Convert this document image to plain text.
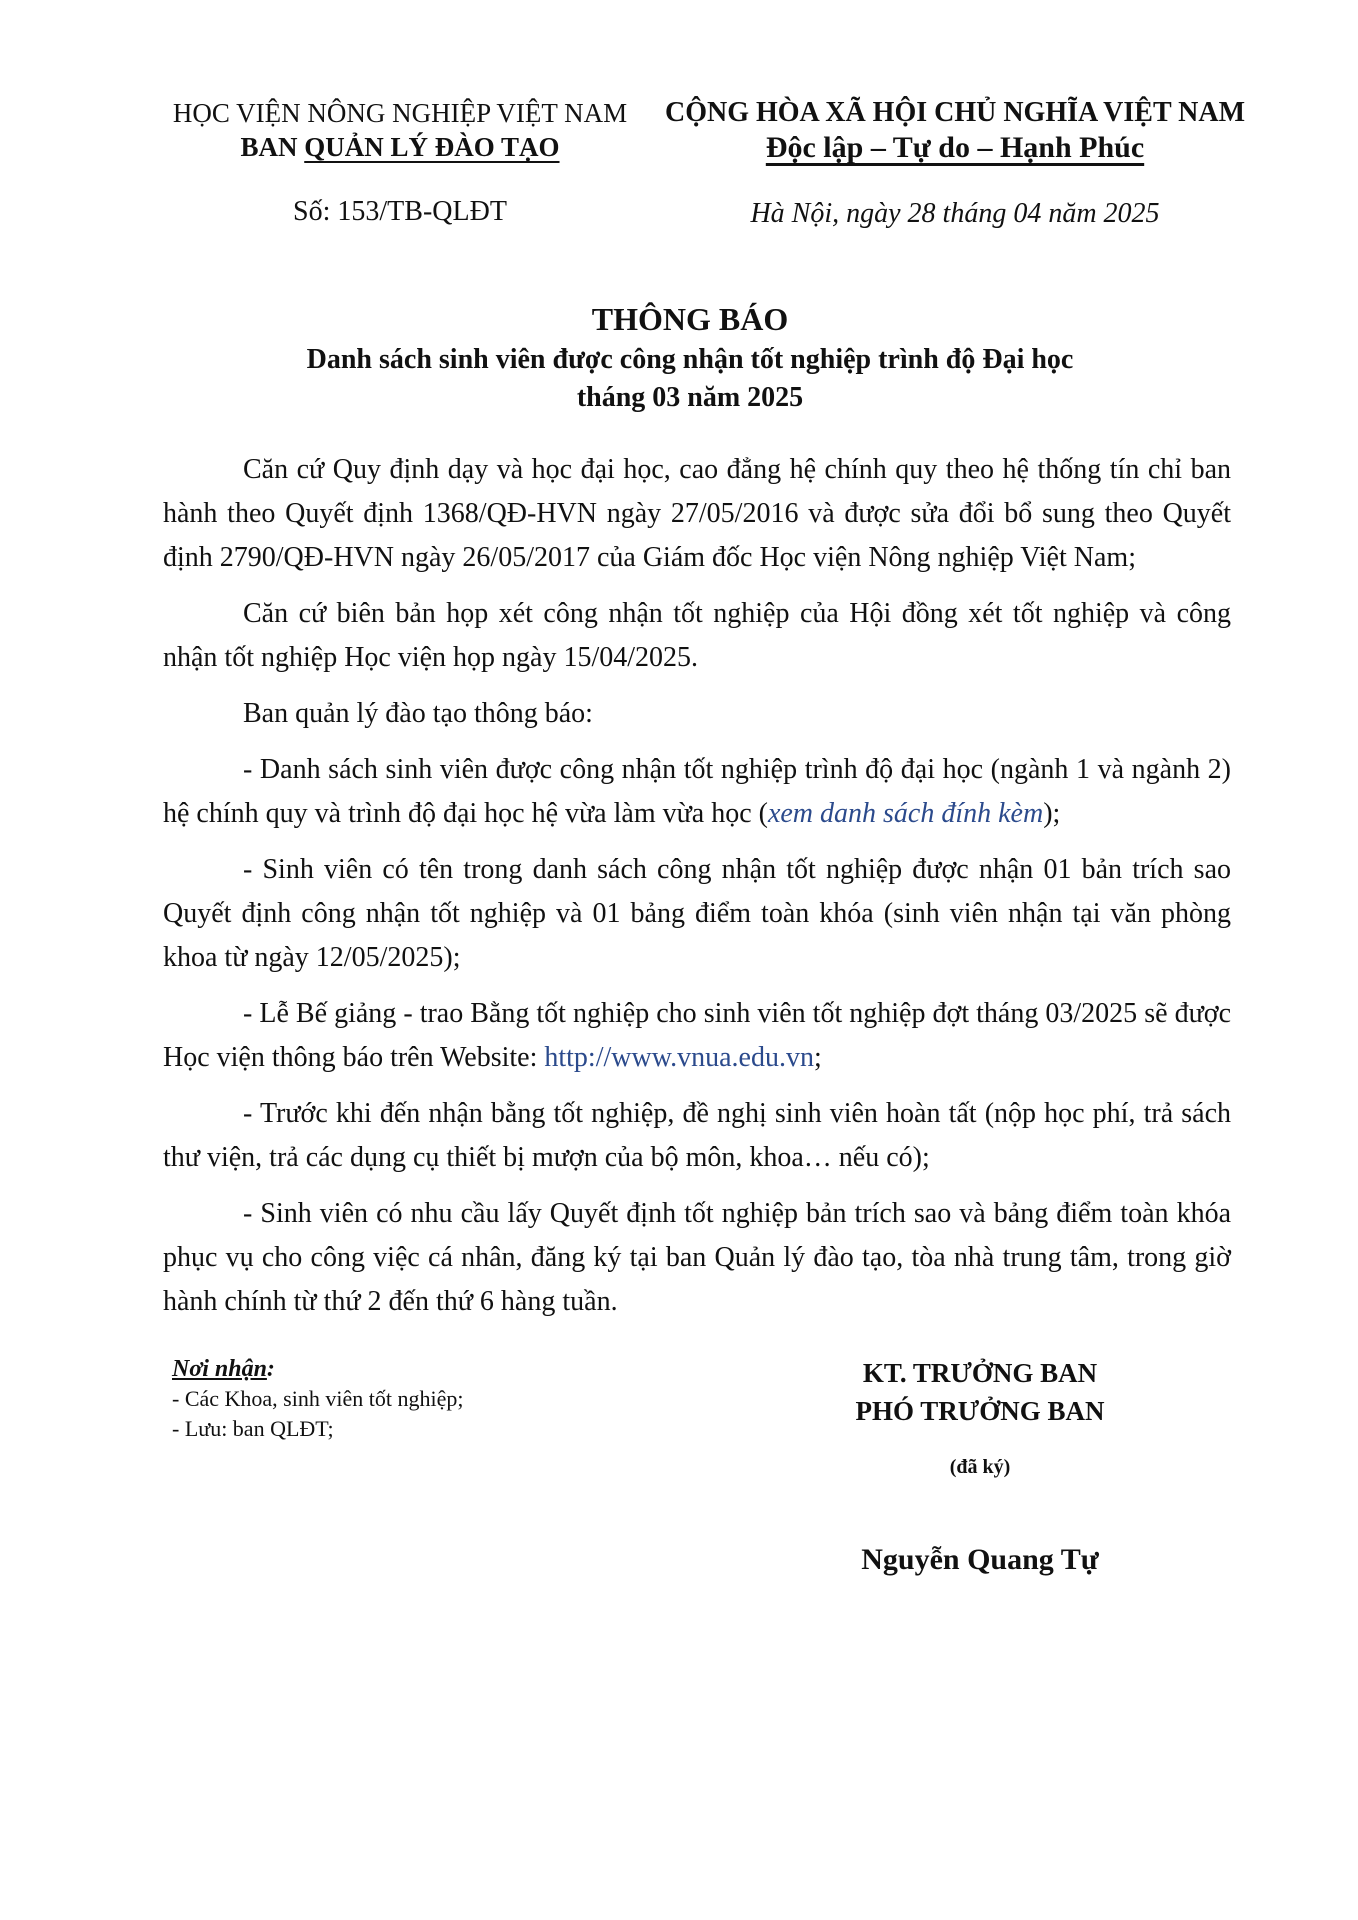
HỌC VIỆN NÔNG NGHIỆP VIỆT NAM
BAN QUẢN LÝ ĐÀO TẠO
CỘNG HÒA XÃ HỘI CHỦ NGHĨA VIỆT NAM
Độc lập – Tự do – Hạnh Phúc
Số: 153/TB-QLĐT	Hà Nội, ngày 28 tháng 04 năm 2025
THÔNG BÁO
Danh sách sinh viên được công nhận tốt nghiệp trình độ Đại học
tháng 03 năm 2025

Căn cứ Quy định dạy và học đại học, cao đẳng hệ chính quy theo hệ thống tín chỉ ban hành theo Quyết định 1368/QĐ-HVN ngày 27/05/2016 và được sửa đổi bổ sung theo Quyết định 2790/QĐ-HVN ngày 26/05/2017 của Giám đốc Học viện Nông nghiệp Việt Nam;

Căn cứ biên bản họp xét công nhận tốt nghiệp của Hội đồng xét tốt nghiệp và công nhận tốt nghiệp Học viện họp ngày 15/04/2025.

Ban quản lý đào tạo thông báo:

- Danh sách sinh viên được công nhận tốt nghiệp trình độ đại học (ngành 1 và ngành 2) hệ chính quy và trình độ đại học hệ vừa làm vừa học (xem danh sách đính kèm);

- Sinh viên có tên trong danh sách công nhận tốt nghiệp được nhận 01 bản trích sao Quyết định công nhận tốt nghiệp và 01 bảng điểm toàn khóa (sinh viên nhận tại văn phòng khoa từ ngày 12/05/2025);

- Lễ Bế giảng - trao Bằng tốt nghiệp cho sinh viên tốt nghiệp đợt tháng 03/2025 sẽ được Học viện thông báo trên Website: http://www.vnua.edu.vn;

- Trước khi đến nhận bằng tốt nghiệp, đề nghị sinh viên hoàn tất (nộp học phí, trả sách thư viện, trả các dụng cụ thiết bị mượn của bộ môn, khoa… nếu có);

- Sinh viên có nhu cầu lấy Quyết định tốt nghiệp bản trích sao và bảng điểm toàn khóa phục vụ cho công việc cá nhân, đăng ký tại ban Quản lý đào tạo, tòa nhà trung tâm, trong giờ hành chính từ thứ 2 đến thứ 6 hàng tuần.

Nơi nhận:
- Các Khoa, sinh viên tốt nghiệp;
- Lưu: ban QLĐT;
KT. TRƯỞNG BAN
PHÓ TRƯỞNG BAN
(đã ký)
Nguyễn Quang Tự
